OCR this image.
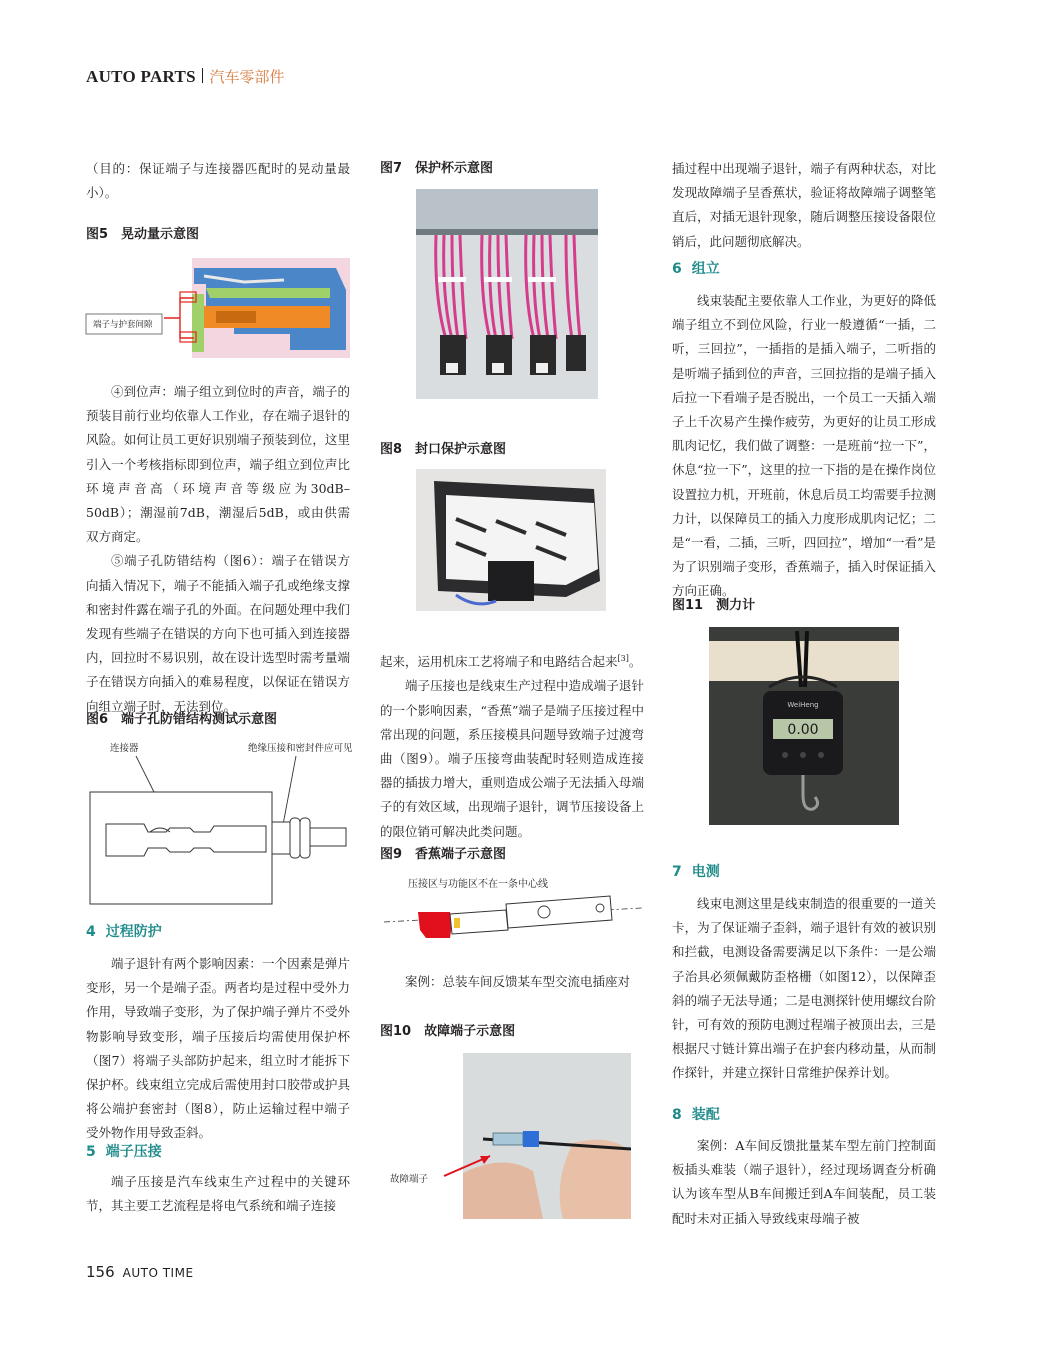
AUTO PARTS 汽车零部件

（目的：保证端子与连接器匹配时的晃动量最小）。

图5　晃动量示意图
端子与护套间隙

④到位声：端子组立到位时的声音，端子的预装目前行业均依靠人工作业，存在端子退针的风险。如何让员工更好识别端子预装到位，这里引入一个考核指标即到位声，端子组立到位声比环境声音高（环境声音等级应为30dB–50dB）；潮湿前7dB，潮湿后5dB，或由供需双方商定。

⑤端子孔防错结构（图6）：端子在错误方向插入情况下，端子不能插入端子孔或绝缘支撑和密封件露在端子孔的外面。在问题处理中我们发现有些端子在错误的方向下也可插入到连接器内，回拉时不易识别，故在设计选型时需考量端子在错误方向插入的难易程度，以保证在错误方向组立端子时，无法到位。

图6　端子孔防错结构测试示意图
连接器	绝缘压接和密封件应可见
4 过程防护

端子退针有两个影响因素：一个因素是弹片变形，另一个是端子歪。两者均是过程中受外力作用，导致端子变形，为了保护端子弹片不受外物影响导致变形，端子压接后均需使用保护杯（图7）将端子头部防护起来，组立时才能拆下保护杯。线束组立完成后需使用封口胶带或护具将公端护套密封（图8），防止运输过程中端子受外物作用导致歪斜。

5 端子压接

端子压接是汽车线束生产过程中的关键环节，其主要工艺流程是将电气系统和端子连接

图7　保护杯示意图
图8　封口保护示意图

起来，运用机床工艺将端子和电路结合起来[3]。

端子压接也是线束生产过程中造成端子退针的一个影响因素，“香蕉”端子是端子压接过程中常出现的问题，系压接模具问题导致端子过渡弯曲（图9）。端子压接弯曲装配时轻则造成连接器的插拔力增大，重则造成公端子无法插入母端子的有效区域，出现端子退针，调节压接设备上的限位销可解决此类问题。

图9　香蕉端子示意图
压接区与功能区不在一条中心线

案例：总装车间反馈某车型交流电插座对

图10　故障端子示意图
故障端子

插过程中出现端子退针，端子有两种状态，对比发现故障端子呈香蕉状，验证将故障端子调整笔直后，对插无退针现象，随后调整压接设备限位销后，此问题彻底解决。

6 组立

线束装配主要依靠人工作业，为更好的降低端子组立不到位风险，行业一般遵循“一插，二听，三回拉”，一插指的是插入端子，二听指的是听端子插到位的声音，三回拉指的是端子插入后拉一下看端子是否脱出，一个员工一天插入端子上千次易产生操作疲劳，为更好的让员工形成肌肉记忆，我们做了调整：一是班前“拉一下”，休息“拉一下”，这里的拉一下指的是在操作岗位设置拉力机，开班前，休息后员工均需要手拉测力计，以保障员工的插入力度形成肌肉记忆；二是“一看，二插，三听，四回拉”，增加“一看”是为了识别端子变形，香蕉端子，插入时保证插入方向正确。

图11　测力计
0.00
WeiHeng
7 电测

线束电测这里是线束制造的很重要的一道关卡，为了保证端子歪斜，端子退针有效的被识别和拦截，电测设备需要满足以下条件：一是公端子治具必须佩戴防歪格栅（如图12），以保障歪斜的端子无法导通；二是电测探针使用螺纹台阶针，可有效的预防电测过程端子被顶出去，三是根据尺寸链计算出端子在护套内移动量，从而制作探针，并建立探针日常维护保养计划。

8 装配

案例：A车间反馈批量某车型左前门控制面板插头难装（端子退针），经过现场调查分析确认为该车型从B车间搬迁到A车间装配，员工装配时未对正插入导致线束母端子被

156 AUTO TIME
